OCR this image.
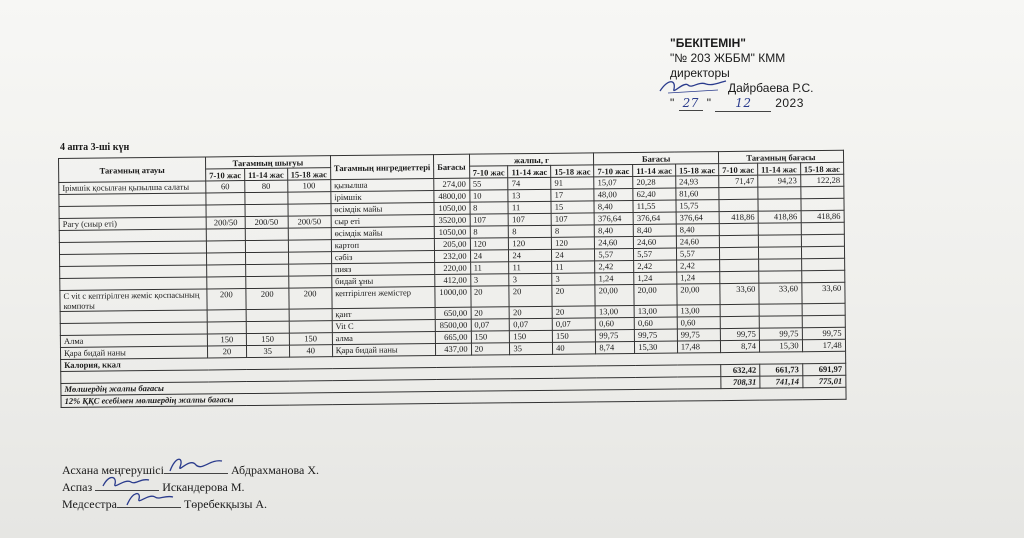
"БЕКІТЕМІН"
"№ 203 ЖББМ" КММ
директоры
Дайрбаева Р.С.
" 27 " 12 2023
4 апта 3-ші күн
Тағамның атауы	Тағамның шығуы			Тағамның ингредиеттері	Бағасы	жалпы, г			Бағасы			Тағамның бағасы		
	7-10 жас	11-14 жас	15-18 жас			7-10 жас	11-14 жас	15-18 жас	7-10 жас	11-14 жас	15-18 жас	7-10 жас	11-14 жас	15-18 жас
Ірімшік қосылған қызылша салаты	60	80	100	қызылша	274,00	55	74	91	15,07	20,28	24,93	71,47	94,23	122,28
				ірімшік	4800,00	10	13	17	48,00	62,40	81,60			
				өсімдік майы	1050,00	8	11	15	8,40	11,55	15,75			
Рагу (сиыр еті)	200/50	200/50	200/50	сыр еті	3520,00	107	107	107	376,64	376,64	376,64	418,86	418,86	418,86
				өсімдік майы	1050,00	8	8	8	8,40	8,40	8,40			
				картоп	205,00	120	120	120	24,60	24,60	24,60			
				сәбіз	232,00	24	24	24	5,57	5,57	5,57			
				пияз	220,00	11	11	11	2,42	2,42	2,42			
				бидай ұны	412,00	3	3	3	1,24	1,24	1,24			
С vit с кептірілген жеміс қоспасының компоты	200	200	200	кептірілген жемістер	1000,00	20	20	20	20,00	20,00	20,00	33,60	33,60	33,60
				қант	650,00	20	20	20	13,00	13,00	13,00			
				Vit C	8500,00	0,07	0,07	0,07	0,60	0,60	0,60			
Алма	150	150	150	алма	665,00	150	150	150	99,75	99,75	99,75	99,75	99,75	99,75
Қара бидай наны	20	35	40	Қара бидай наны	437,00	20	35	40	8,74	15,30	17,48	8,74	15,30	17,48
Калория, ккал														
												632,42	661,73	691,97
Мөлшердің жалпы бағасы												708,31	741,14	775,01
12% ҚҚС есебімен мөлшердің жалпы бағасы														
Асхана меңгерушісі	Абдрахманова Х.
Аспаз	Искандерова М.
Медсестра	Төребекқызы А.
